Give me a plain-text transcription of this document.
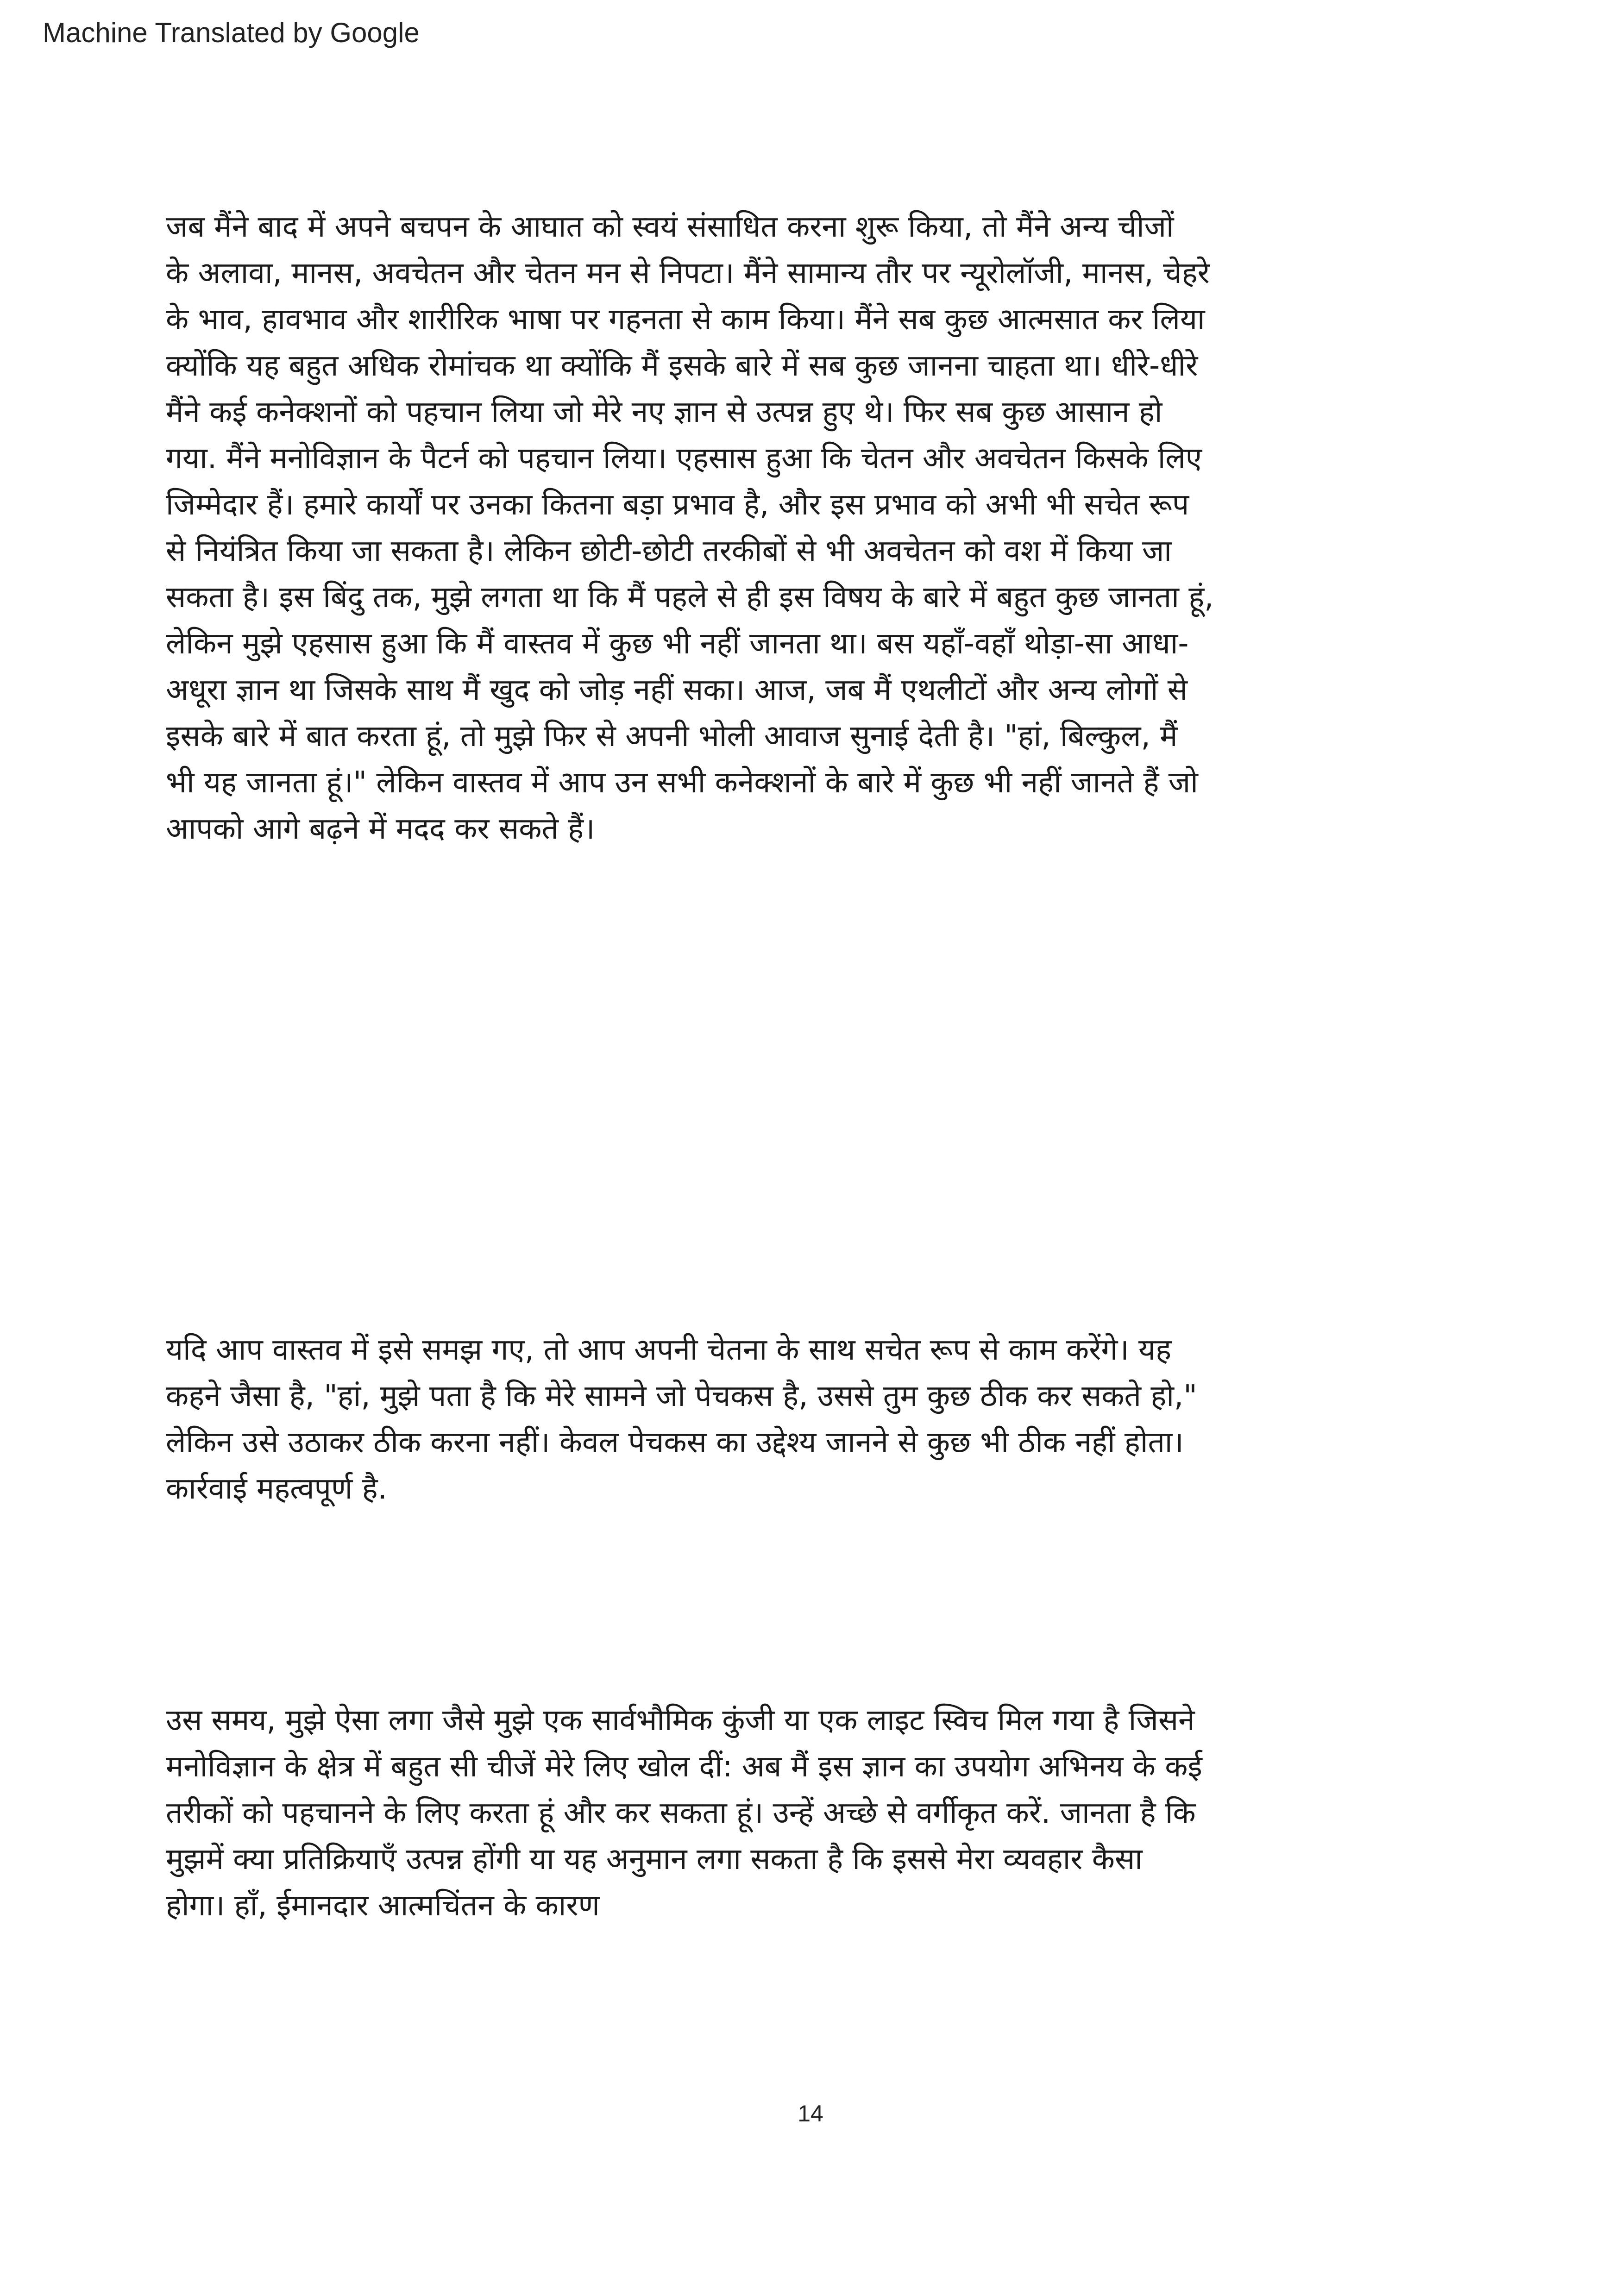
Machine Translated by Google

जब मैंने बाद में अपने बचपन के आघात को स्वयं संसाधित करना शुरू किया, तो मैंने अन्य चीजों
के अलावा, मानस, अवचेतन और चेतन मन से निपटा। मैंने सामान्य तौर पर न्यूरोलॉजी, मानस, चेहरे
के भाव, हावभाव और शारीरिक भाषा पर गहनता से काम किया। मैंने सब कुछ आत्मसात कर लिया
क्योंकि यह बहुत अधिक रोमांचक था क्योंकि मैं इसके बारे में सब कुछ जानना चाहता था। धीरे-धीरे
मैंने कई कनेक्शनों को पहचान लिया जो मेरे नए ज्ञान से उत्पन्न हुए थे। फिर सब कुछ आसान हो
गया. मैंने मनोविज्ञान के पैटर्न को पहचान लिया। एहसास हुआ कि चेतन और अवचेतन किसके लिए
जिम्मेदार हैं। हमारे कार्यों पर उनका कितना बड़ा प्रभाव है, और इस प्रभाव को अभी भी सचेत रूप
से नियंत्रित किया जा सकता है। लेकिन छोटी-छोटी तरकीबों से भी अवचेतन को वश में किया जा
सकता है। इस बिंदु तक, मुझे लगता था कि मैं पहले से ही इस विषय के बारे में बहुत कुछ जानता हूं,
लेकिन मुझे एहसास हुआ कि मैं वास्तव में कुछ भी नहीं जानता था। बस यहाँ-वहाँ थोड़ा-सा आधा-
अधूरा ज्ञान था जिसके साथ मैं खुद को जोड़ नहीं सका। आज, जब मैं एथलीटों और अन्य लोगों से
इसके बारे में बात करता हूं, तो मुझे फिर से अपनी भोली आवाज सुनाई देती है। "हां, बिल्कुल, मैं
भी यह जानता हूं।" लेकिन वास्तव में आप उन सभी कनेक्शनों के बारे में कुछ भी नहीं जानते हैं जो
आपको आगे बढ़ने में मदद कर सकते हैं।

यदि आप वास्तव में इसे समझ गए, तो आप अपनी चेतना के साथ सचेत रूप से काम करेंगे। यह
कहने जैसा है, "हां, मुझे पता है कि मेरे सामने जो पेचकस है, उससे तुम कुछ ठीक कर सकते हो,"
लेकिन उसे उठाकर ठीक करना नहीं। केवल पेचकस का उद्देश्य जानने से कुछ भी ठीक नहीं होता।
कार्रवाई महत्वपूर्ण है.

उस समय, मुझे ऐसा लगा जैसे मुझे एक सार्वभौमिक कुंजी या एक लाइट स्विच मिल गया है जिसने
मनोविज्ञान के क्षेत्र में बहुत सी चीजें मेरे लिए खोल दीं: अब मैं इस ज्ञान का उपयोग अभिनय के कई
तरीकों को पहचानने के लिए करता हूं और कर सकता हूं। उन्हें अच्छे से वर्गीकृत करें. जानता है कि
मुझमें क्या प्रतिक्रियाएँ उत्पन्न होंगी या यह अनुमान लगा सकता है कि इससे मेरा व्यवहार कैसा
होगा। हाँ, ईमानदार आत्मचिंतन के कारण

14
